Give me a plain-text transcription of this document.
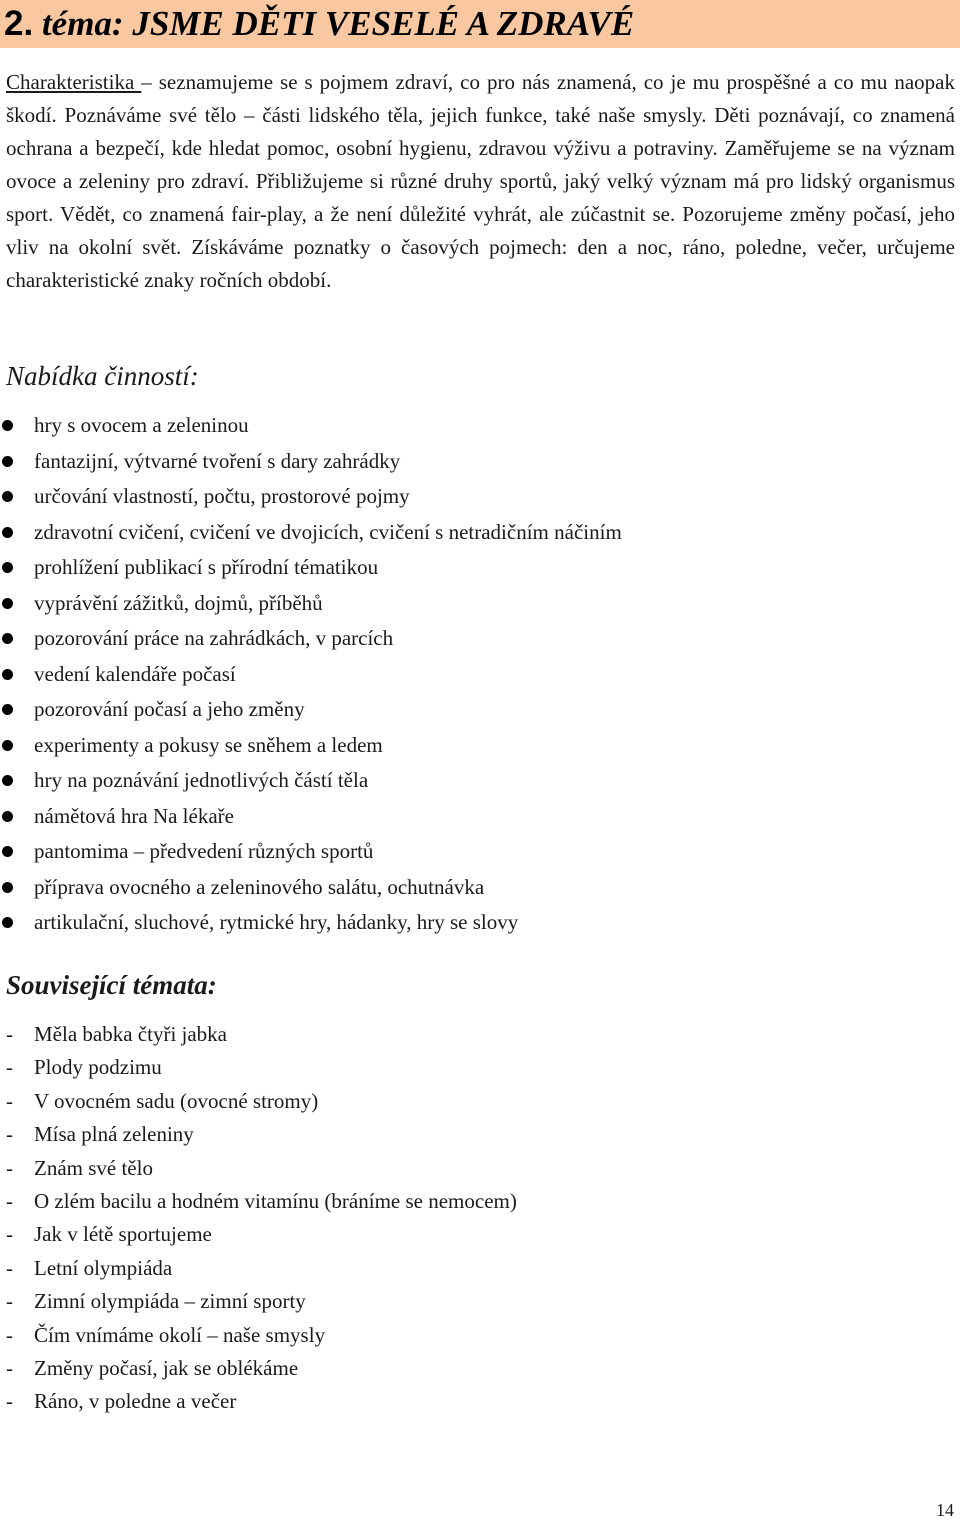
2. téma: JSME DĚTI VESELÉ A ZDRAVÉ

Charakteristika – seznamujeme se s pojmem zdraví, co pro nás znamená, co je mu prospěšné a co mu naopak škodí. Poznáváme své tělo – části lidského těla, jejich funkce, také naše smysly. Děti poznávají, co znamená ochrana a bezpečí, kde hledat pomoc, osobní hygienu, zdravou výživu a potraviny. Zaměřujeme se na význam ovoce a zeleniny pro zdraví. Přibližujeme si různé druhy sportů, jaký velký význam má pro lidský organismus sport. Vědět, co znamená fair-play, a že není důležité vyhrát, ale zúčastnit se. Pozorujeme změny počasí, jeho vliv na okolní svět. Získáváme poznatky o časových pojmech: den a noc, ráno, poledne, večer, určujeme charakteristické znaky ročních období.

Nabídka činností:
hry s ovocem a zeleninou
fantazijní, výtvarné tvoření s dary zahrádky
určování vlastností, počtu, prostorové pojmy
zdravotní cvičení, cvičení ve dvojicích, cvičení s netradičním náčiním
prohlížení publikací s přírodní tématikou
vyprávění zážitků, dojmů, příběhů
pozorování práce na zahrádkách, v parcích
vedení kalendáře počasí
pozorování počasí a jeho změny
experimenty a pokusy se sněhem a ledem
hry na poznávání jednotlivých částí těla
námětová hra Na lékaře
pantomima – předvedení různých sportů
příprava ovocného a zeleninového salátu, ochutnávka
artikulační, sluchové, rytmické hry, hádanky, hry se slovy
Související témata:
- Měla babka čtyři jabka
- Plody podzimu
- V ovocném sadu (ovocné stromy)
- Mísa plná zeleniny
- Znám své tělo
- O zlém bacilu a hodném vitamínu (bráníme se nemocem)
- Jak v létě sportujeme
- Letní olympiáda
- Zimní olympiáda – zimní sporty
- Čím vnímáme okolí – naše smysly
- Změny počasí, jak se oblékáme
- Ráno, v poledne a večer
14
